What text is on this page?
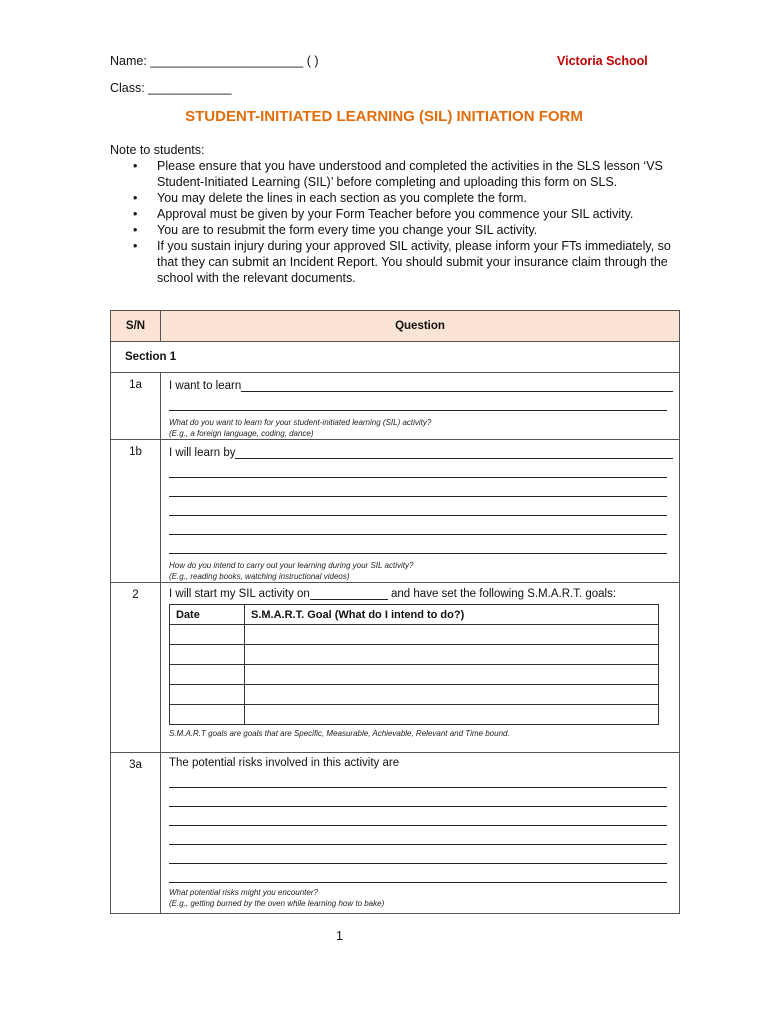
Name: ______________________ ( )	Victoria School
Class: ____________
STUDENT-INITIATED LEARNING (SIL) INITIATION FORM
Note to students:
• Please ensure that you have understood and completed the activities in the SLS lesson ‘VS Student-Initiated Learning (SIL)’ before completing and uploading this form on SLS.
• You may delete the lines in each section as you complete the form.
• Approval must be given by your Form Teacher before you commence your SIL activity.
• You are to resubmit the form every time you change your SIL activity.
• If you sustain injury during your approved SIL activity, please inform your FTs immediately, so that they can submit an Incident Report. You should submit your insurance claim through the school with the relevant documents.
S/N	Question
Section 1
1a	I want to learn
What do you want to learn for your student-initiated learning (SIL) activity?
(E.g., a foreign language, coding, dance)

1b	I will learn by
How do you intend to carry out your learning during your SIL activity?
(E.g., reading books, watching instructional videos)

2	I will start my SIL activity on	and have set the following S.M.A.R.T. goals:
Date	S.M.A.R.T. Goal (What do I intend to do?)

S.M.A.R.T goals are goals that are Specific, Measurable, Achievable, Relevant and Time bound.

3a	The potential risks involved in this activity are
What potential risks might you encounter?
(E.g., getting burned by the oven while learning how to bake)
1
